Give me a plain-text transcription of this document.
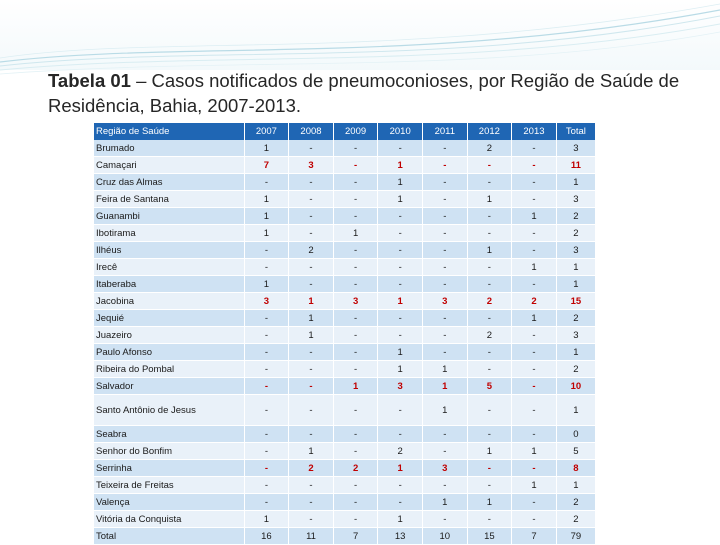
Tabela 01 – Casos notificados de pneumoconioses, por Região de Saúde de Residência, Bahia, 2007-2013.
Região de Saúde	2007	2008	2009	2010	2011	2012	2013	Total
Brumado	1	-	-	-	-	2	-	3
Camaçari	7	3	-	1	-	-	-	11
Cruz das Almas	-	-	-	1	-	-	-	1
Feira de Santana	1	-	-	1	-	1	-	3
Guanambi	1	-	-	-	-	-	1	2
Ibotirama	1	-	1	-	-	-	-	2
Ilhéus	-	2	-	-	-	1	-	3
Irecê	-	-	-	-	-	-	1	1
Itaberaba	1	-	-	-	-	-	-	1
Jacobina	3	1	3	1	3	2	2	15
Jequié	-	1	-	-	-	-	1	2
Juazeiro	-	1	-	-	-	2	-	3
Paulo Afonso	-	-	-	1	-	-	-	1
Ribeira do Pombal	-	-	-	1	1	-	-	2
Salvador	-	-	1	3	1	5	-	10
Santo Antônio de Jesus	-	-	-	-	1	-	-	1
Seabra	-	-	-	-	-	-	-	0
Senhor do Bonfim	-	1	-	2	-	1	1	5
Serrinha	-	2	2	1	3	-	-	8
Teixeira de Freitas	-	-	-	-	-	-	1	1
Valença	-	-	-	-	1	1	-	2
Vitória da Conquista	1	-	-	1	-	-	-	2
Total	16	11	7	13	10	15	7	79
